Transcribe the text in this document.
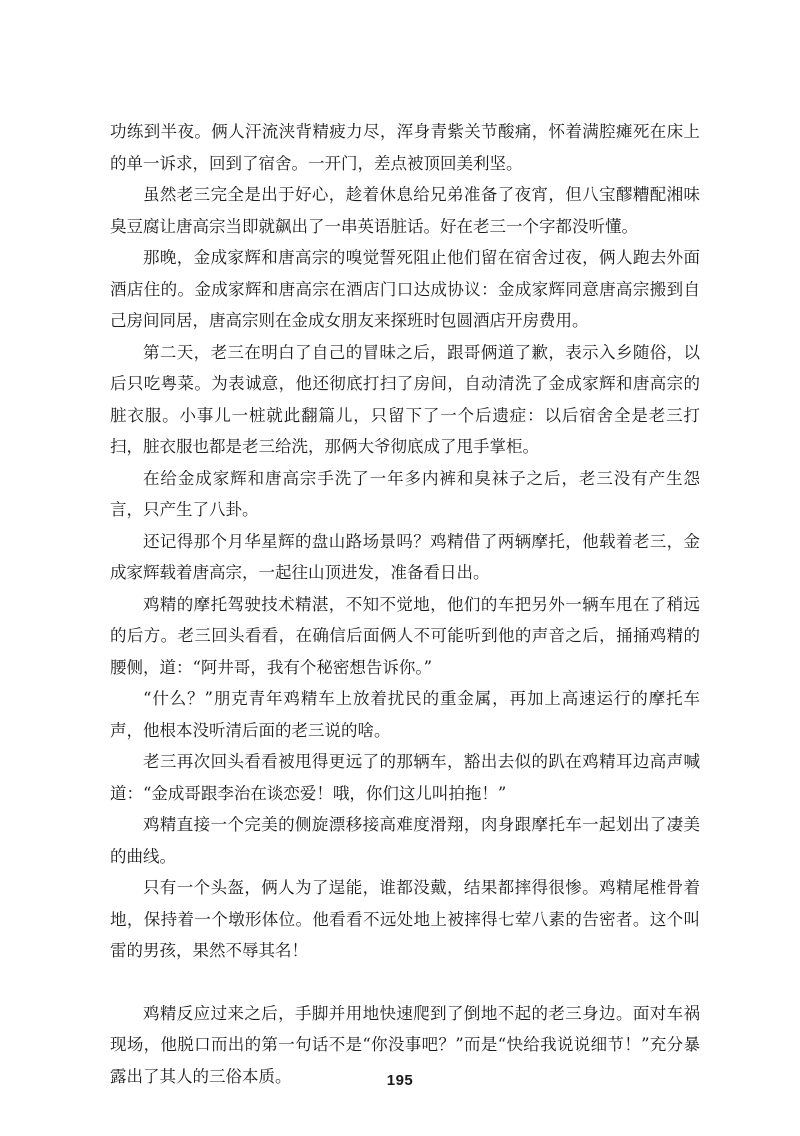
功练到半夜。俩人汗流浃背精疲力尽，浑身青紫关节酸痛，怀着满腔瘫死在床上的单一诉求，回到了宿舍。一开门，差点被顶回美利坚。

虽然老三完全是出于好心，趁着休息给兄弟准备了夜宵，但八宝醪糟配湘味臭豆腐让唐高宗当即就飙出了一串英语脏话。好在老三一个字都没听懂。

那晚，金成家辉和唐高宗的嗅觉誓死阻止他们留在宿舍过夜，俩人跑去外面酒店住的。金成家辉和唐高宗在酒店门口达成协议：金成家辉同意唐高宗搬到自己房间同居，唐高宗则在金成女朋友来探班时包圆酒店开房费用。

第二天，老三在明白了自己的冒昧之后，跟哥俩道了歉，表示入乡随俗，以后只吃粤菜。为表诚意，他还彻底打扫了房间，自动清洗了金成家辉和唐高宗的脏衣服。小事儿一桩就此翻篇儿，只留下了一个后遗症：以后宿舍全是老三打扫，脏衣服也都是老三给洗，那俩大爷彻底成了甩手掌柜。

在给金成家辉和唐高宗手洗了一年多内裤和臭袜子之后，老三没有产生怨言，只产生了八卦。

还记得那个月华星辉的盘山路场景吗？鸡精借了两辆摩托，他载着老三，金成家辉载着唐高宗，一起往山顶进发，准备看日出。

鸡精的摩托驾驶技术精湛，不知不觉地，他们的车把另外一辆车甩在了稍远的后方。老三回头看看，在确信后面俩人不可能听到他的声音之后，捅捅鸡精的腰侧，道：“阿井哥，我有个秘密想告诉你。”

“什么？”朋克青年鸡精车上放着扰民的重金属，再加上高速运行的摩托车声，他根本没听清后面的老三说的啥。

老三再次回头看看被甩得更远了的那辆车，豁出去似的趴在鸡精耳边高声喊道：“金成哥跟李治在谈恋爱！哦，你们这儿叫拍拖！”

鸡精直接一个完美的侧旋漂移接高难度滑翔，肉身跟摩托车一起划出了凄美的曲线。

只有一个头盔，俩人为了逞能，谁都没戴，结果都摔得很惨。鸡精尾椎骨着地，保持着一个墩形体位。他看看不远处地上被摔得七荤八素的告密者。这个叫雷的男孩，果然不辱其名！

鸡精反应过来之后，手脚并用地快速爬到了倒地不起的老三身边。面对车祸现场，他脱口而出的第一句话不是“你没事吧？”而是“快给我说说细节！”充分暴露出了其人的三俗本质。	195
